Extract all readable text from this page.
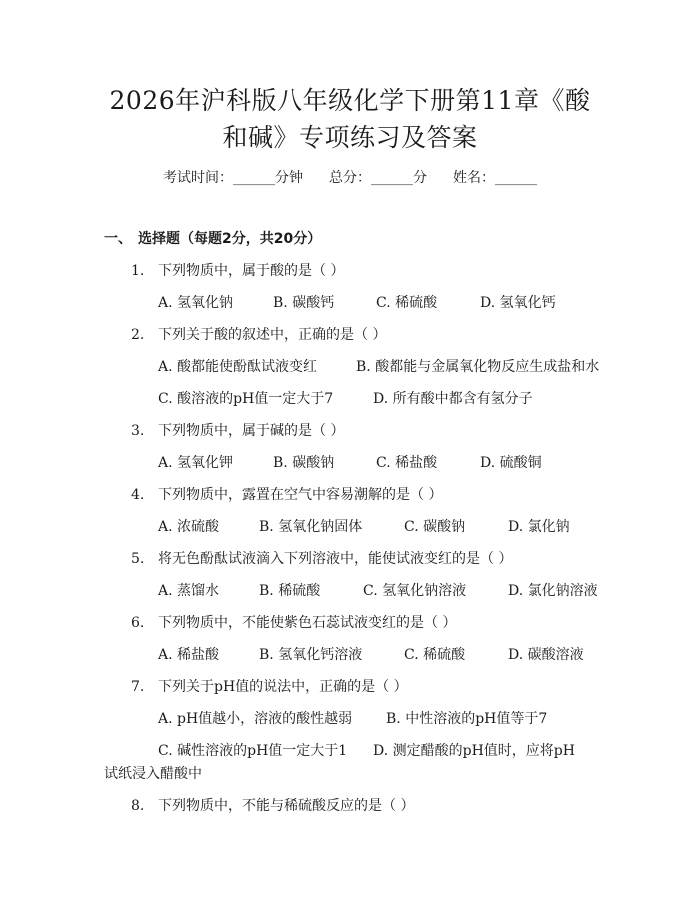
2026年沪科版八年级化学下册第11章《酸
和碱》专项练习及答案
考试时间：______分钟 总分：______分 姓名：______
一、 选择题（每题2分，共20分）
1. 下列物质中，属于酸的是（ ）
A. 氢氧化钠	B. 碳酸钙	C. 稀硫酸	D. 氢氧化钙
2. 下列关于酸的叙述中，正确的是（ ）
A. 酸都能使酚酞试液变红	B. 酸都能与金属氧化物反应生成盐和水
C. 酸溶液的pH值一定大于7	D. 所有酸中都含有氢分子
3. 下列物质中，属于碱的是（ ）
A. 氢氧化钾	B. 碳酸钠	C. 稀盐酸	D. 硫酸铜
4. 下列物质中，露置在空气中容易潮解的是（ ）
A. 浓硫酸	B. 氢氧化钠固体	C. 碳酸钠	D. 氯化钠
5. 将无色酚酞试液滴入下列溶液中，能使试液变红的是（ ）
A. 蒸馏水	B. 稀硫酸	C. 氢氧化钠溶液	D. 氯化钠溶液
6. 下列物质中，不能使紫色石蕊试液变红的是（ ）
A. 稀盐酸	B. 氢氧化钙溶液	C. 稀硫酸	D. 碳酸溶液
7. 下列关于pH值的说法中，正确的是（ ）
A. pH值越小，溶液的酸性越弱 B. 中性溶液的pH值等于7
C. 碱性溶液的pH值一定大于1 D. 测定醋酸的pH值时，应将pH
试纸浸入醋酸中
8. 下列物质中，不能与稀硫酸反应的是（ ）
